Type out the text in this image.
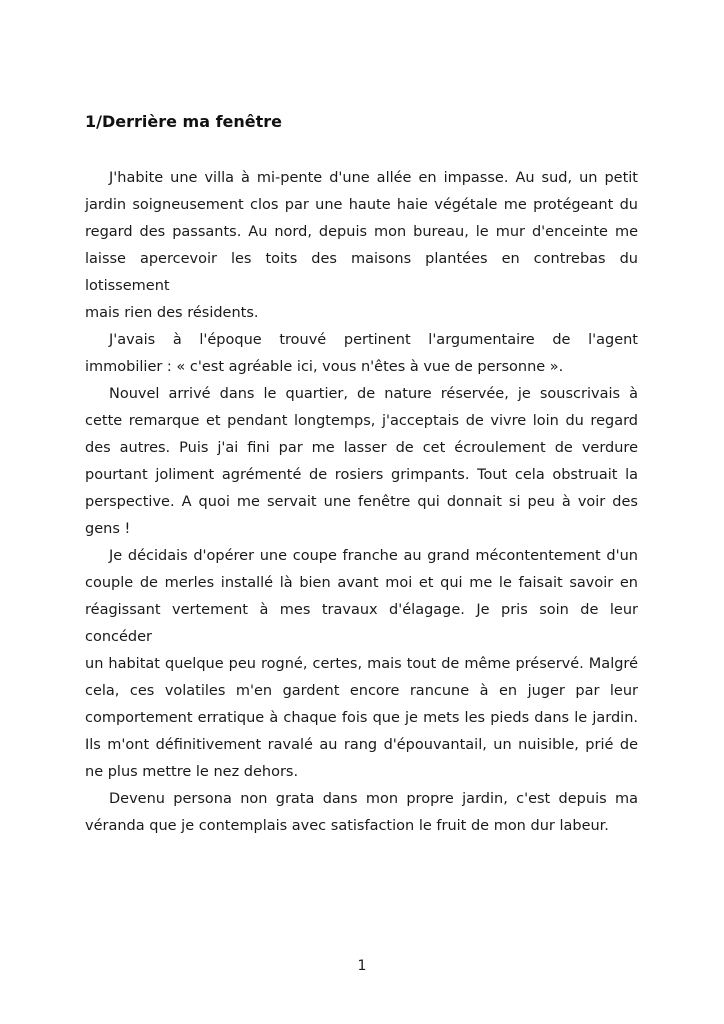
1/Derrière ma fenêtre
J'habite une villa à mi-pente d'une allée en impasse. Au sud, un petit
jardin soigneusement clos par une haute haie végétale me protégeant du
regard des passants. Au nord, depuis mon bureau, le mur d'enceinte me
laisse apercevoir les toits des maisons plantées en contrebas du lotissement
mais rien des résidents.
J'avais à l'époque trouvé pertinent l'argumentaire de l'agent
immobilier : « c'est agréable ici, vous n'êtes à vue de personne ».
Nouvel arrivé dans le quartier, de nature réservée, je souscrivais à
cette remarque et pendant longtemps, j'acceptais de vivre loin du regard
des autres. Puis j'ai fini par me lasser de cet écroulement de verdure
pourtant joliment agrémenté de rosiers grimpants. Tout cela obstruait la
perspective. A quoi me servait une fenêtre qui donnait si peu à voir des
gens !
Je décidais d'opérer une coupe franche au grand mécontentement d'un
couple de merles installé là bien avant moi et qui me le faisait savoir en
réagissant vertement à mes travaux d'élagage. Je pris soin de leur concéder
un habitat quelque peu rogné, certes, mais tout de même préservé. Malgré
cela, ces volatiles m'en gardent encore rancune à en juger par leur
comportement erratique à chaque fois que je mets les pieds dans le jardin.
Ils m'ont définitivement ravalé au rang d'épouvantail, un nuisible, prié de
ne plus mettre le nez dehors.
Devenu persona non grata dans mon propre jardin, c'est depuis ma
véranda que je contemplais avec satisfaction le fruit de mon dur labeur.
1
